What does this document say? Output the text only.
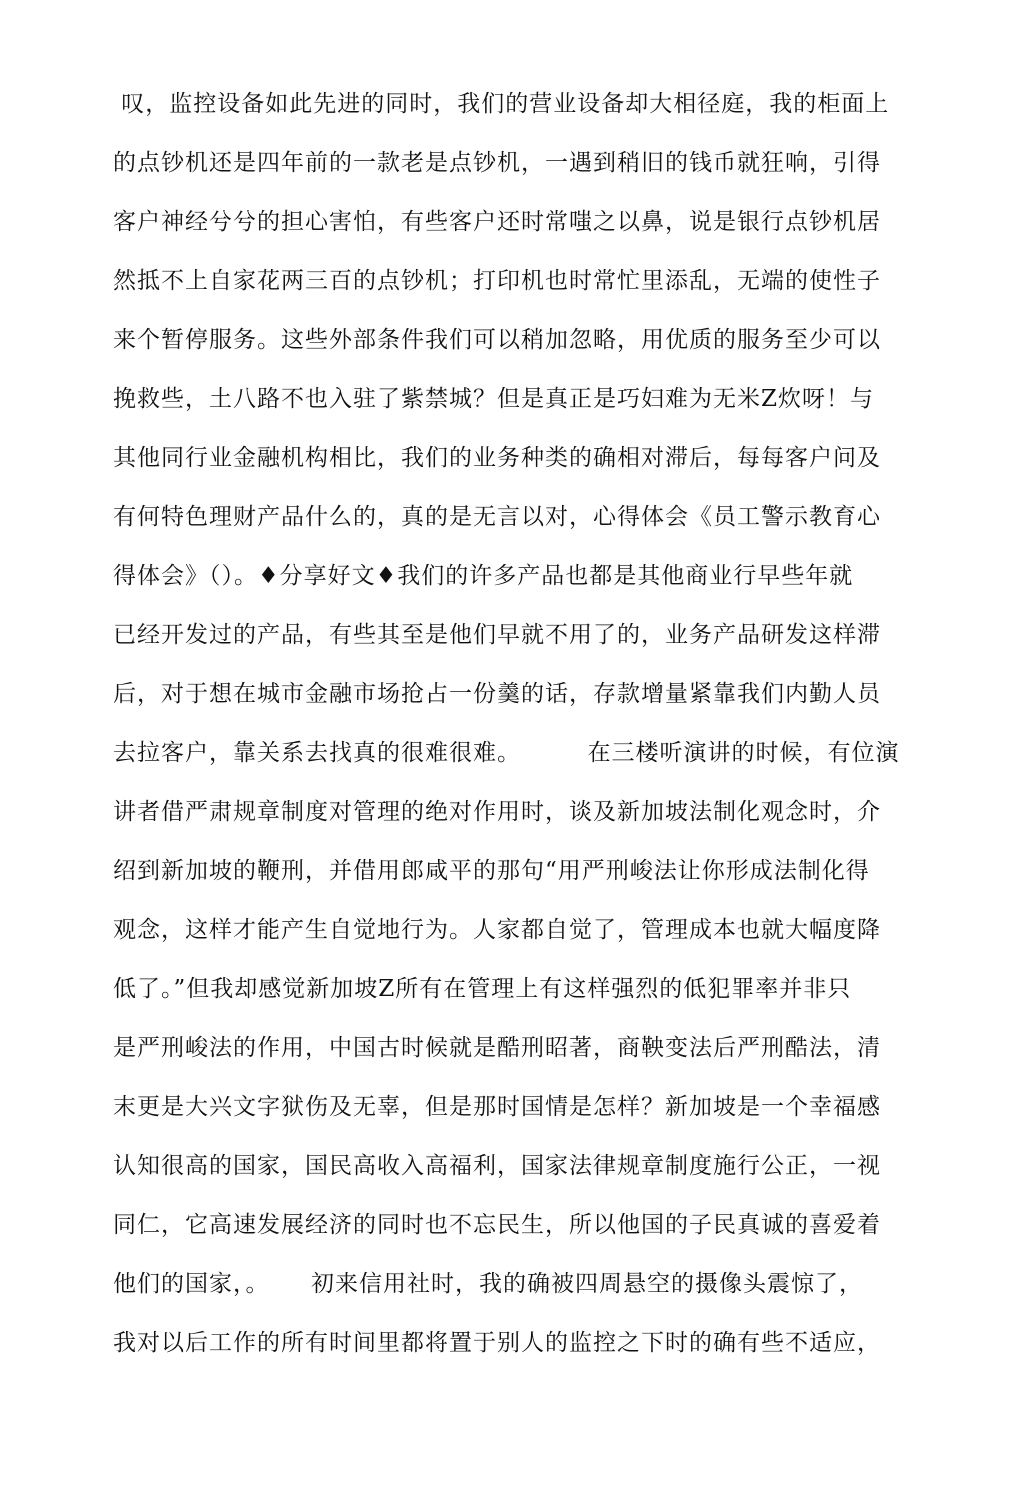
叹，监控设备如此先进的同时，我们的营业设备却大相径庭，我的柜面上
的点钞机还是四年前的一款老是点钞机，一遇到稍旧的钱币就狂响，引得
客户神经兮兮的担心害怕，有些客户还时常嗤之以鼻，说是银行点钞机居
然抵不上自家花两三百的点钞机；打印机也时常忙里添乱，无端的使性子
来个暂停服务。这些外部条件我们可以稍加忽略，用优质的服务至少可以
挽救些，土八路不也入驻了紫禁城？但是真正是巧妇难为无米Z炊呀！与
其他同行业金融机构相比，我们的业务种类的确相对滞后，每每客户问及
有何特色理财产品什么的，真的是无言以对，心得体会《员工警示教育心
得体会》（）。♦分享好文♦我们的许多产品也都是其他商业行早些年就
已经开发过的产品，有些其至是他们早就不用了的，业务产品研发这样滞
后，对于想在城市金融市场抢占一份羹的话，存款增量紧靠我们内勤人员
去拉客户，靠关系去找真的很难很难。        在三楼听演讲的时候，有位演
讲者借严肃规章制度对管理的绝对作用时，谈及新加坡法制化观念时，介
绍到新加坡的鞭刑，并借用郎咸平的那句“用严刑峻法让你形成法制化得
观念，这样才能产生自觉地行为。人家都自觉了，管理成本也就大幅度降
低了。”但我却感觉新加坡Z所有在管理上有这样强烈的低犯罪率并非只
是严刑峻法的作用，中国古时候就是酷刑昭著，商鞅变法后严刑酷法，清
末更是大兴文字狱伤及无辜，但是那时国情是怎样？新加坡是一个幸福感
认知很高的国家，国民高收入高福利，国家法律规章制度施行公正，一视
同仁，它高速发展经济的同时也不忘民生，所以他国的子民真诚的喜爱着
他们的国家，。     初来信用社时，我的确被四周悬空的摄像头震惊了，
我对以后工作的所有时间里都将置于别人的监控之下时的确有些不适应，
